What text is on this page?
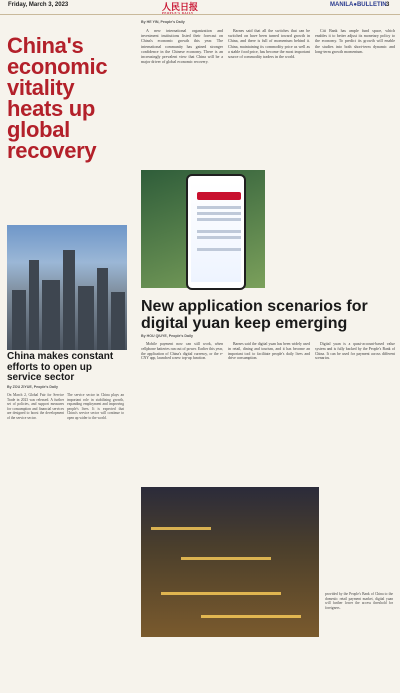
Friday, March 3, 2023	人民日报
PEOPLE'S DAILY
MANILA●BULLETIN 3
China's economic vitality heats up global recovery
By HE YIN, People's Daily
A new international organization and investment institutions listed their forecast on China's economic growth this year. The international community has gained stronger confidence in the Chinese economy. There is an increasingly prevalent view that China will be a major driver of global economic recovery.
Barnes said that all the switches that can be switched on have been turned toward growth in China, and there is full of momentum behind it. China, maintaining its commodity price as well as a stable food price, has become the most important source of commodity traders in the world.
Citi Bank has ample fund space, which enables it to better adjust its monetary policy to the economy. To predict its growth will enable the studies into both short-term dynamic and long-term growth momentum.
China makes constant efforts to open up service sector
By ZOU ZIYUE, People's Daily
On March 2, Global Fair for Service Trade in 2023 was released. A further set of policies, and support measures for consumption and financial services are designed to boost the development of the service sector.
The service sector in China plays an important role in stabilizing growth, expanding employment and improving people's lives. It is expected that China's service sector will continue to open up wider to the world.
New application scenarios for digital yuan keep emerging
By HOU QIUYE, People's Daily
Mobile payment now can still work, when cellphone batteries run out of power. Earlier this year, the application of China's digital currency, or the e-CNY app, launched a new top-up function.
Barnes said the digital yuan has been widely used in retail, dining and tourism, and it has become an important tool to facilitate people's daily lives and drive consumption.
Digital yuan is a quasi-account-based value system and is fully backed by the People's Bank of China. It can be used for payment across different scenarios.
provided by the People's Bank of China to the domestic retail payment market, digital yuan will further lower the access threshold for foreigners.
